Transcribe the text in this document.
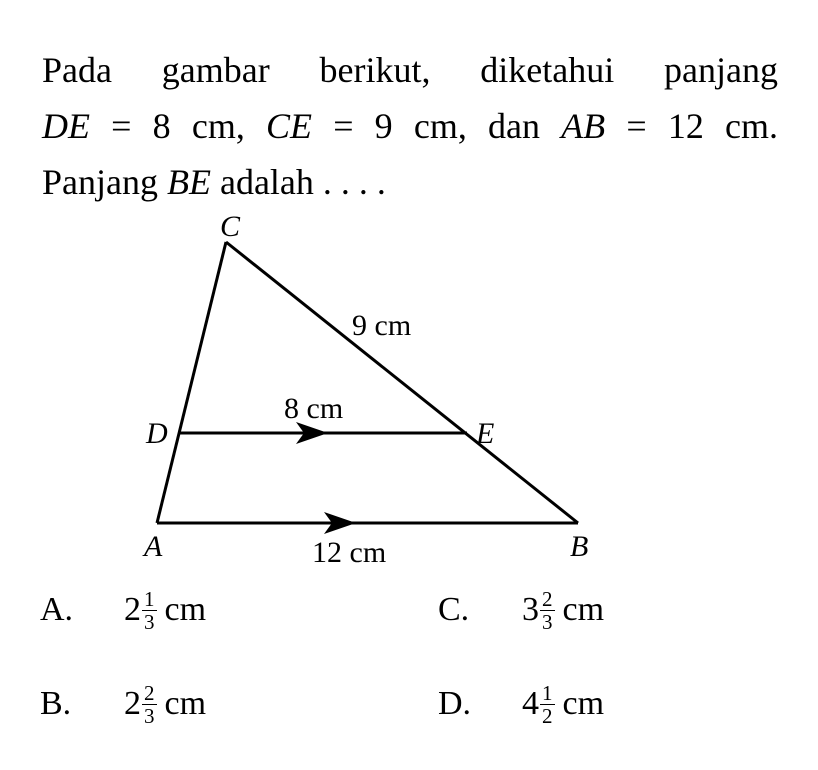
Pada gambar berikut, diketahui panjang
DE = 8 cm, CE = 9 cm, dan AB = 12 cm.
Panjang BE adalah . . . .
C
D	E
A	B
9 cm
8 cm
12 cm
A.	$2 \frac{1}{3}$ cm
B.	$2 \frac{2}{3}$ cm
C.	$3 \frac{2}{3}$ cm
D.	$4 \frac{1}{2}$ cm
